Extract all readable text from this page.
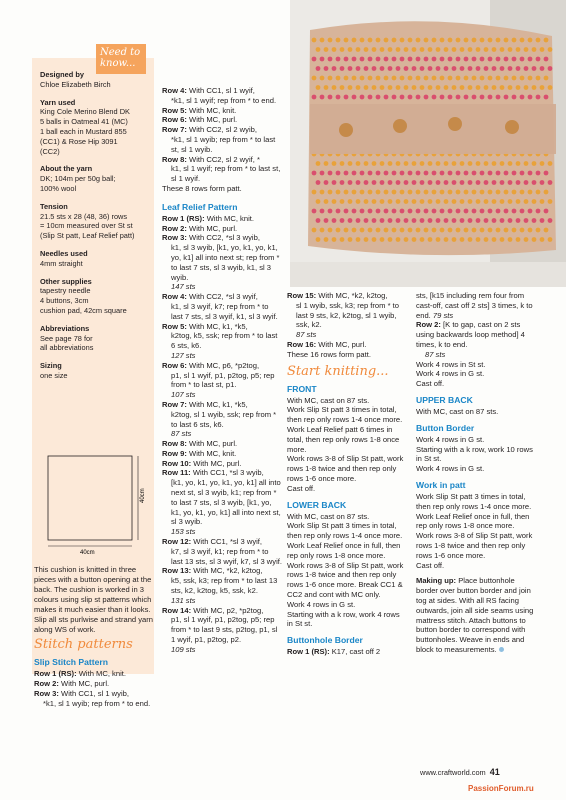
Need to know...
Designed by
Chloe Elizabeth Birch
Yarn used
King Cole Merino Blend DK
5 balls in Oatmeal 41 (MC)
1 ball each in Mustard 855
(CC1) & Rose Hip 3091
(CC2)
About the yarn
DK; 104m per 50g ball;
100% wool
Tension
21.5 sts x 28 (48, 36) rows
= 10cm measured over St st
(Slip St patt, Leaf Relief patt)
Needles used
4mm straight
Other supplies
tapestry needle
4 buttons, 3cm
cushion pad, 42cm square
Abbreviations
See page 78 for
all abbreviations
Sizing
one size
40cm
40cm

This cushion is knitted in three pieces with a button opening at the back. The cushion is worked in 3 colours using slip st patterns which makes it much easier than it looks. Slip all sts purlwise and strand yarn along WS of work.

Stitch patterns
Slip Stitch Pattern

Row 1 (RS): With MC, knit.

Row 2: With MC, purl.

Row 3: With CC1, sl 1 wyib,
*k1, sl 1 wyib; rep from * to end.

Row 4: With CC1, sl 1 wyif,
*k1, sl 1 wyif; rep from * to end.

Row 5: With MC, knit.

Row 6: With MC, purl.

Row 7: With CC2, sl 2 wyib,
*k1, sl 1 wyib; rep from * to last st, sl 1 wyib.

Row 8: With CC2, sl 2 wyif, *
k1, sl 1 wyif; rep from * to last st, sl 1 wyif.

These 8 rows form patt.

Leaf Relief Pattern

Row 1 (RS): With MC, knit.

Row 2: With MC, purl.

Row 3: With CC2, *sl 3 wyib,
k1, sl 3 wyib, [k1, yo, k1, yo, k1, yo, k1] all into next st; rep from * to last 7 sts, sl 3 wyib, k1, sl 3 wyib.
147 sts

Row 4: With CC2, *sl 3 wyif,
k1, sl 3 wyif, k7; rep from * to last 7 sts, sl 3 wyif, k1, sl 3 wyif.

Row 5: With MC, k1, *k5,
k2tog, k5, ssk; rep from * to last 6 sts, k6.
127 sts

Row 6: With MC, p6, *p2tog,
p1, sl 1 wyif, p1, p2tog, p5; rep from * to last st, p1.
107 sts

Row 7: With MC, k1, *k5,
k2tog, sl 1 wyib, ssk; rep from * to last 6 sts, k6.
87 sts

Row 8: With MC, purl.

Row 9: With MC, knit.

Row 10: With MC, purl.

Row 11: With CC1, *sl 3 wyib,
[k1, yo, k1, yo, k1, yo, k1] all into next st, sl 3 wyib, k1; rep from * to last 7 sts, sl 3 wyib, [k1, yo, k1, yo, k1, yo, k1] all into next st, sl 3 wyib.
153 sts

Row 12: With CC1, *sl 3 wyif,
k7, sl 3 wyif, k1; rep from * to last 13 sts, sl 3 wyif, k7, sl 3 wyif.

Row 13: With MC, *k2, k2tog,
k5, ssk, k3; rep from * to last 13 sts, k2, k2tog, k5, ssk, k2.
131 sts

Row 14: With MC, p2, *p2tog,
p1, sl 1 wyif, p1, p2tog, p5; rep from * to last 9 sts, p2tog, p1, sl 1 wyif, p1, p2tog, p2.
109 sts

Row 15: With MC, *k2, k2tog,
sl 1 wyib, ssk, k3; rep from * to last 9 sts, k2, k2tog, sl 1 wyib, ssk, k2.
87 sts

Row 16: With MC, purl.

These 16 rows form patt.

Start knitting...
FRONT

With MC, cast on 87 sts.

Work Slip St patt 3 times in total, then rep only rows 1-4 once more.

Work Leaf Relief patt 6 times in total, then rep only rows 1-8 once more.

Work rows 3-8 of Slip St patt, work rows 1-8 twice and then rep only rows 1-6 once more.

Cast off.

LOWER BACK

With MC, cast on 87 sts.

Work Slip St patt 3 times in total, then rep only rows 1-4 once more.

Work Leaf Relief once in full, then rep only rows 1-8 once more.

Work rows 3-8 of Slip St patt, work rows 1-8 twice and then rep only rows 1-6 once more. Break CC1 & CC2 and cont with MC only.

Work 4 rows in G st.

Starting with a k row, work 4 rows in St st.

Buttonhole Border

Row 1 (RS): K17, cast off 2

sts, [k15 including rem four from cast-off, cast off 2 sts] 3 times, k to end. 79 sts

Row 2: [K to gap, cast on 2 sts using backwards loop method] 4 times, k to end.

87 sts

Work 4 rows in St st.

Work 4 rows in G st.

Cast off.

UPPER BACK

With MC, cast on 87 sts.

Button Border

Work 4 rows in G st.

Starting with a k row, work 10 rows in St st.

Work 4 rows in G st.

Work in patt

Work Slip St patt 3 times in total, then rep only rows 1-4 once more.

Work Leaf Relief once in full, then rep only rows 1-8 once more.

Work rows 3-8 of Slip St patt, work rows 1-8 twice and then rep only rows 1-6 once more.

Cast off.

Making up: Place buttonhole border over button border and join tog at sides. With all RS facing outwards, join all side seams using mattress stitch. Attach buttons to button border to correspond with buttonholes. Weave in ends and block to measurements.

www.craftworld.com 41
PassionForum.ru
